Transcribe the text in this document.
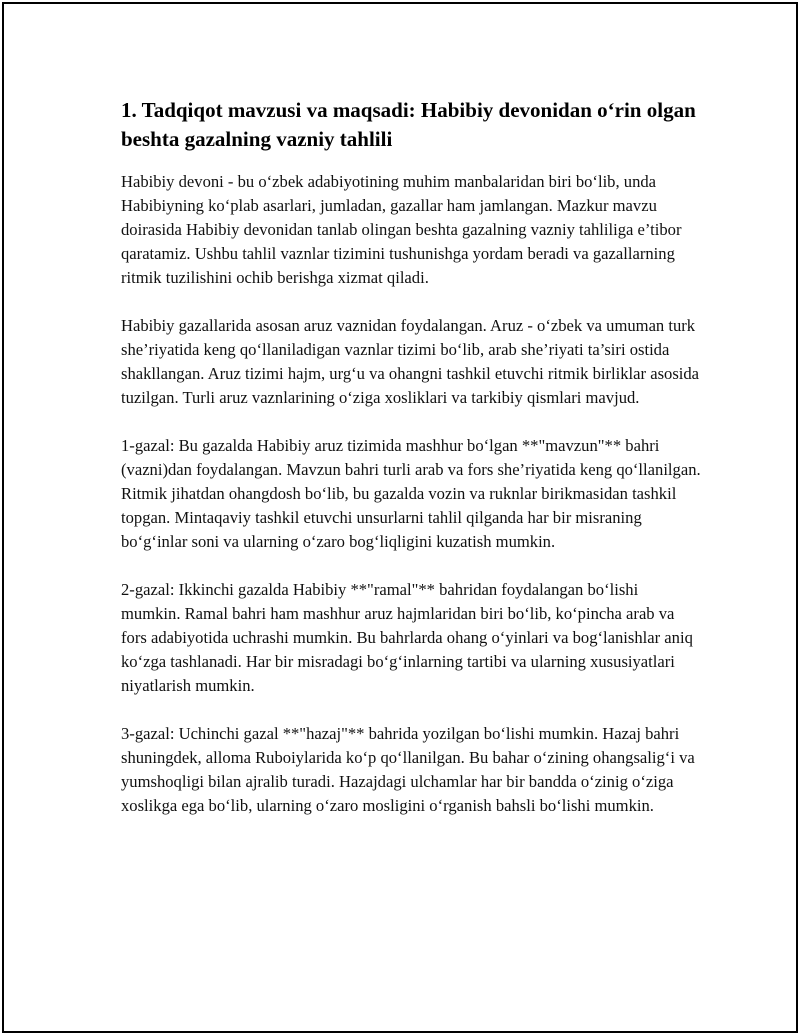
1. Tadqiqot mavzusi va maqsadi: Habibiy devonidan o‘rin olgan beshta gazalning vazniy tahlili

Habibiy devoni - bu o‘zbek adabiyotining muhim manbalaridan biri bo‘lib, unda Habibiyning ko‘plab asarlari, jumladan, gazallar ham jamlangan. Mazkur mavzu doirasida Habibiy devonidan tanlab olingan beshta gazalning vazniy tahliliga e’tibor qaratamiz. Ushbu tahlil vaznlar tizimini tushunishga yordam beradi va gazallarning ritmik tuzilishini ochib berishga xizmat qiladi.

Habibiy gazallarida asosan aruz vaznidan foydalangan. Aruz - o‘zbek va umuman turk she’riyatida keng qo‘llaniladigan vaznlar tizimi bo‘lib, arab she’riyati ta’siri ostida shakllangan. Aruz tizimi hajm, urg‘u va ohangni tashkil etuvchi ritmik birliklar asosida tuzilgan. Turli aruz vaznlarining o‘ziga xosliklari va tarkibiy qismlari mavjud.

1-gazal: Bu gazalda Habibiy aruz tizimida mashhur bo‘lgan **"mavzun"** bahri (vazni)dan foydalangan. Mavzun bahri turli arab va fors she’riyatida keng qo‘llanilgan. Ritmik jihatdan ohangdosh bo‘lib, bu gazalda vozin va ruknlar birikmasidan tashkil topgan. Mintaqaviy tashkil etuvchi unsurlarni tahlil qilganda har bir misraning bo‘g‘inlar soni va ularning o‘zaro bog‘liqligini kuzatish mumkin.

2-gazal: Ikkinchi gazalda Habibiy **"ramal"** bahridan foydalangan bo‘lishi mumkin. Ramal bahri ham mashhur aruz hajmlaridan biri bo‘lib, ko‘pincha arab va fors adabiyotida uchrashi mumkin. Bu bahrlarda ohang o‘yinlari va bog‘lanishlar aniq ko‘zga tashlanadi. Har bir misradagi bo‘g‘inlarning tartibi va ularning xususiyatlari niyatlarish mumkin.

3-gazal: Uchinchi gazal **"hazaj"** bahrida yozilgan bo‘lishi mumkin. Hazaj bahri shuningdek, alloma Ruboiylarida ko‘p qo‘llanilgan. Bu bahar o‘zining ohangsalig‘i va yumshoqligi bilan ajralib turadi. Hazajdagi ulchamlar har bir bandda o‘zinig o‘ziga xoslikga ega bo‘lib, ularning o‘zaro mosligini o‘rganish bahsli bo‘lishi mumkin.
